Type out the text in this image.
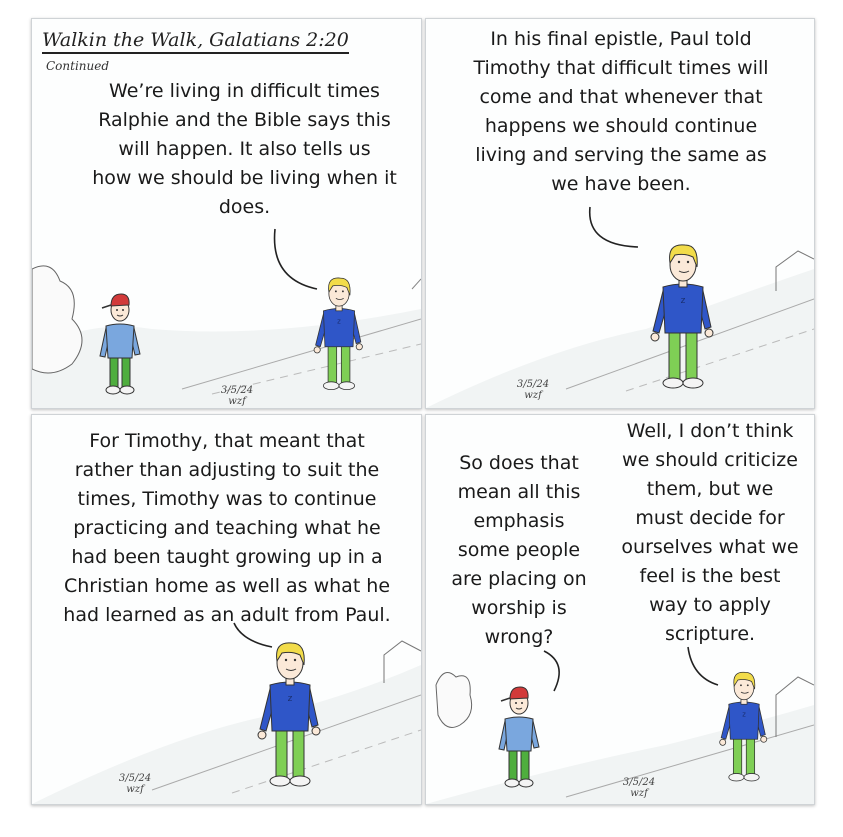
Walkin the Walk, Galatians 2:20
Continued
We’re living in difficult times
Ralphie and the Bible says this
will happen. It also tells us
how we should be living when it
does.
3/5/24
wzf
In his final epistle, Paul told
Timothy that difficult times will
come and that whenever that
happens we should continue
living and serving the same as
we have been.
3/5/24
wzf
For Timothy, that meant that
rather than adjusting to suit the
times, Timothy was to continue
practicing and teaching what he
had been taught growing up in a
Christian home as well as what he
had learned as an adult from Paul.
3/5/24
wzf
So does that
mean all this
emphasis
some people
are placing on
worship is
wrong?
Well, I don’t think
we should criticize
them, but we
must decide for
ourselves what we
feel is the best
way to apply
scripture.
3/5/24
wzf
